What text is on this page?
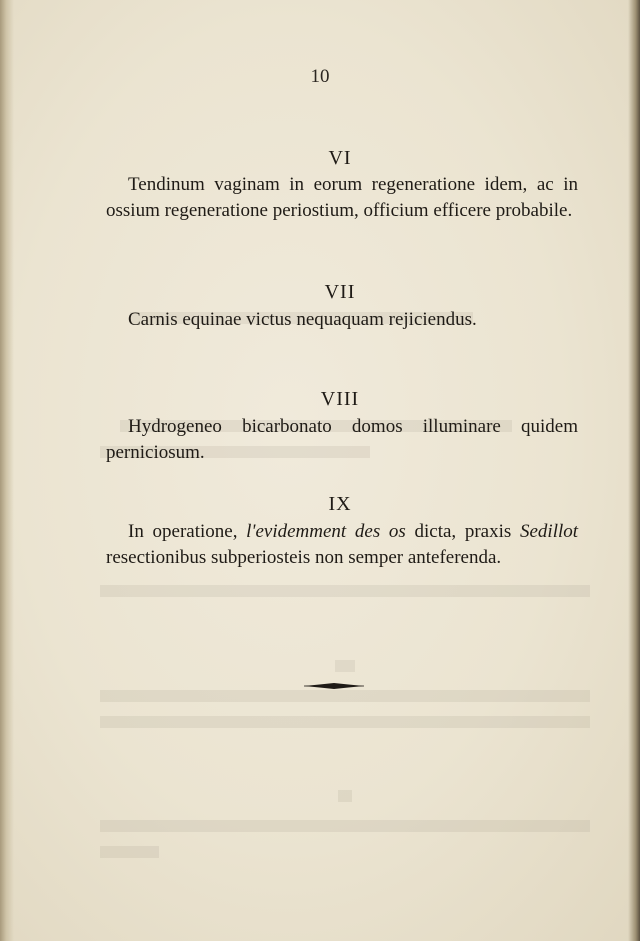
10
VI
Tendinum vaginam in eorum regeneratione idem, ac in ossium regeneratione periostium, officium efficere probabile.
VII
Carnis equinae victus nequaquam rejiciendus.
VIII
Hydrogeneo bicarbonato domos illuminare quidem perniciosum.
IX
In operatione, l'evidemment des os dicta, praxis Sedillot resectionibus subperiosteis non semper anteferenda.
